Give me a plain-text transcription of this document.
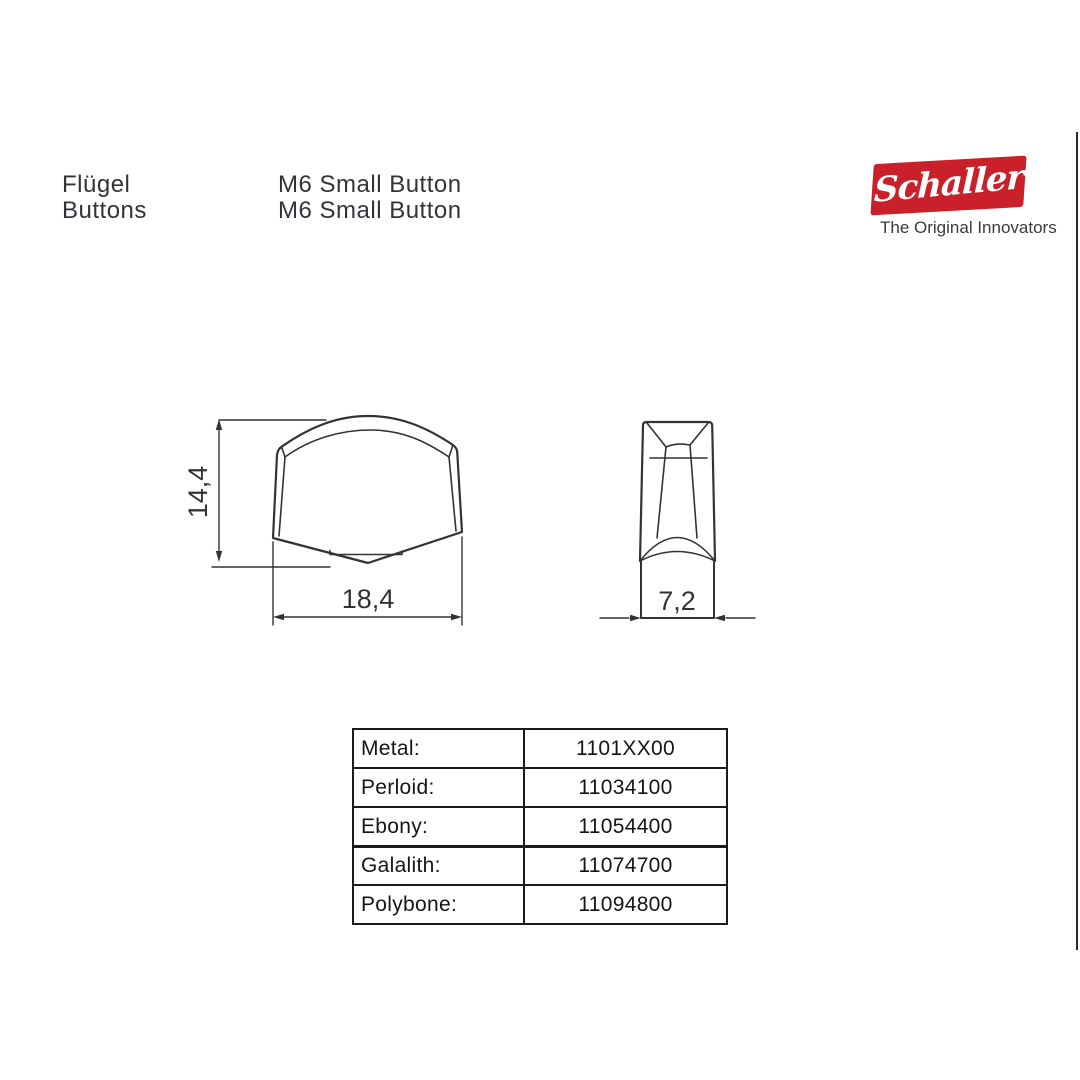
Flügel
Buttons
M6 Small Button
M6 Small Button
Schaller
The Original Innovators
14,4
18,4	7,2
Metal:	1101XX00
Perloid:	11034100
Ebony:	11054400
Galalith:	11074700
Polybone:	11094800
